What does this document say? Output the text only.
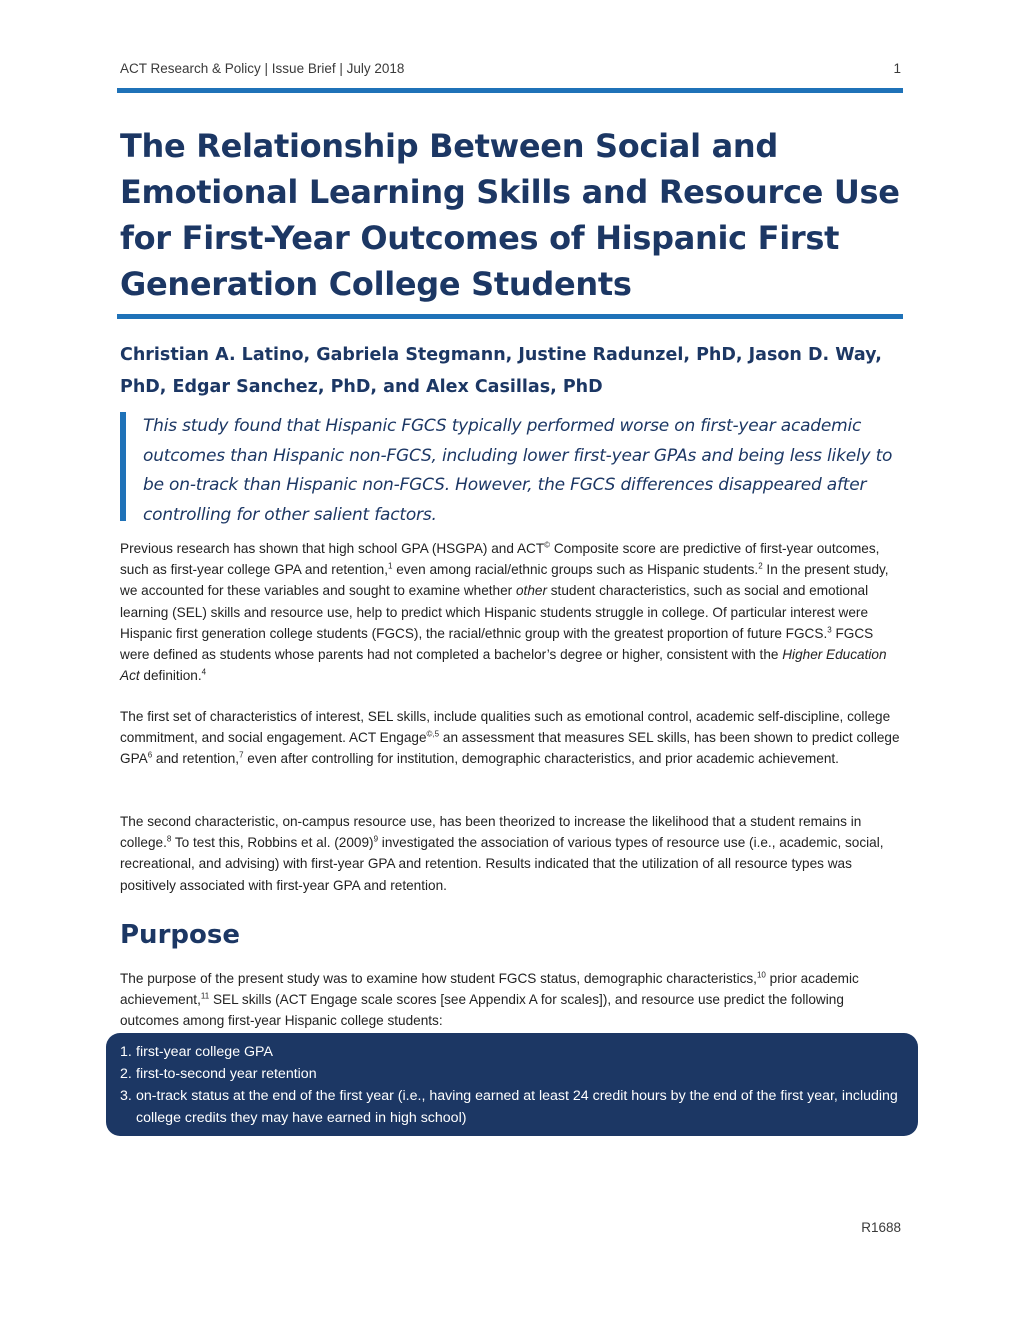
ACT Research & Policy | Issue Brief | July 2018	1
The Relationship Between Social and Emotional Learning Skills and Resource Use for First-Year Outcomes of Hispanic First Generation College Students

Christian A. Latino, Gabriela Stegmann, Justine Radunzel, PhD, Jason D. Way, PhD, Edgar Sanchez, PhD, and Alex Casillas, PhD

This study found that Hispanic FGCS typically performed worse on first-year academic outcomes than Hispanic non-FGCS, including lower first-year GPAs and being less likely to be on-track than Hispanic non-FGCS. However, the FGCS differences disappeared after controlling for other salient factors.

Previous research has shown that high school GPA (HSGPA) and ACT© Composite score are predictive of first-year outcomes, such as first-year college GPA and retention,$^1$ even among racial/ethnic groups such as Hispanic students.$^2$ In the present study, we accounted for these variables and sought to examine whether other student characteristics, such as social and emotional learning (SEL) skills and resource use, help to predict which Hispanic students struggle in college. Of particular interest were Hispanic first generation college students (FGCS), the racial/ethnic group with the greatest proportion of future FGCS.$^3$ FGCS were defined as students whose parents had not completed a bachelor’s degree or higher, consistent with the Higher Education Act definition.$^4$

The first set of characteristics of interest, SEL skills, include qualities such as emotional control, academic self-discipline, college commitment, and social engagement. ACT Engage$^{©,5}$ an assessment that measures SEL skills, has been shown to predict college GPA$^6$ and retention,$^7$ even after controlling for institution, demographic characteristics, and prior academic achievement.

The second characteristic, on-campus resource use, has been theorized to increase the likelihood that a student remains in college.$^8$ To test this, Robbins et al. $(2009)^9$ investigated the association of various types of resource use (i.e., academic, social, recreational, and advising) with first-year GPA and retention. Results indicated that the utilization of all resource types was positively associated with first-year GPA and retention.

Purpose

The purpose of the present study was to examine how student FGCS status, demographic characteristics,$^{10}$ prior academic achievement,$^{11}$ SEL skills (ACT Engage scale scores [see Appendix A for scales]), and resource use predict the following outcomes among first-year Hispanic college students:

1. first-year college GPA
2. first-to-second year retention
3. on-track status at the end of the first year (i.e., having earned at least 24 credit hours by the end of the first year, including college credits they may have earned in high school)
R1688
